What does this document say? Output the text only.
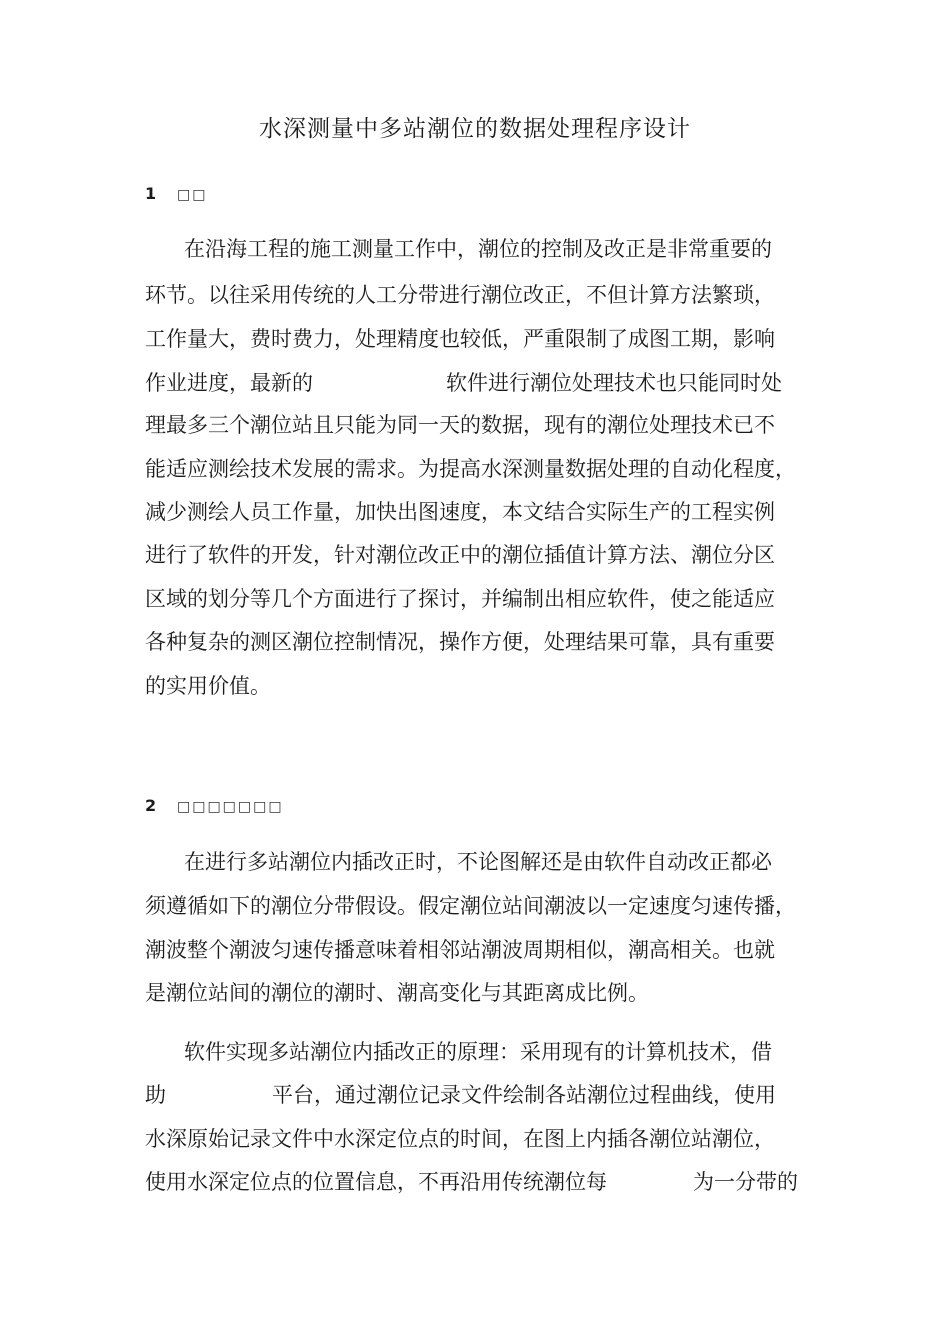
水深测量中多站潮位的数据处理程序设计
1 □□
在沿海工程的施工测量工作中，潮位的控制及改正是非常重要的
环节。以往采用传统的人工分带进行潮位改正，不但计算方法繁琐，
工作量大，费时费力，处理精度也较低，严重限制了成图工期，影响
作业进度，最新的	软件进行潮位处理技术也只能同时处
理最多三个潮位站且只能为同一天的数据，现有的潮位处理技术已不
能适应测绘技术发展的需求。为提高水深测量数据处理的自动化程度，
减少测绘人员工作量，加快出图速度，本文结合实际生产的工程实例
进行了软件的开发，针对潮位改正中的潮位插值计算方法、潮位分区
区域的划分等几个方面进行了探讨，并编制出相应软件，使之能适应
各种复杂的测区潮位控制情况，操作方便，处理结果可靠，具有重要
的实用价值。
2 □□□□□□□
在进行多站潮位内插改正时，不论图解还是由软件自动改正都必
须遵循如下的潮位分带假设。假定潮位站间潮波以一定速度匀速传播，
潮波整个潮波匀速传播意味着相邻站潮波周期相似，潮高相关。也就
是潮位站间的潮位的潮时、潮高变化与其距离成比例。
软件实现多站潮位内插改正的原理：采用现有的计算机技术，借
助	平台，通过潮位记录文件绘制各站潮位过程曲线，使用
水深原始记录文件中水深定位点的时间，在图上内插各潮位站潮位，
使用水深定位点的位置信息，不再沿用传统潮位每	为一分带的
